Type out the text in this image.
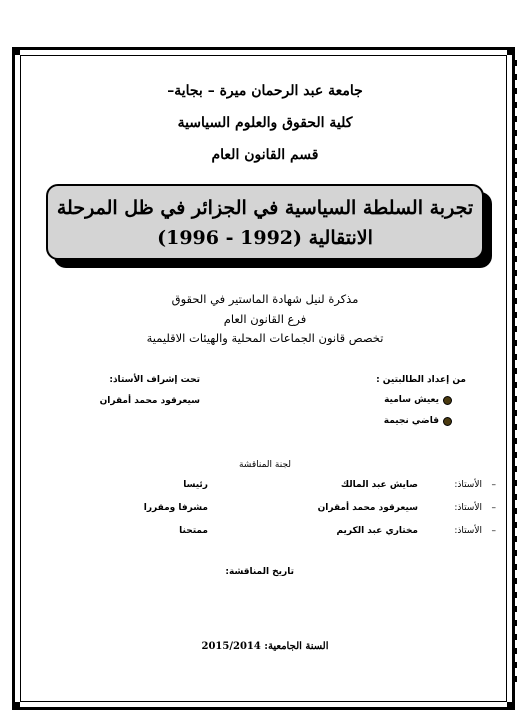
جامعة عبد الرحمان ميرة – بجاية–
كلية الحقوق والعلوم السياسية
قسم القانون العام
تجربة السلطة السياسية في الجزائر في ظل المرحلة
الانتقالية (1992 - 1996)
مذكرة لنيل شهادة الماستير في الحقوق
فرع القانون العام
تخصص قانون الجماعات المحلية والهيئات الاقليمية
من إعداد الطالبتين :
يعيش سامية
قاضي نجيمة
تحت إشراف الأستاذ:
سيعرقود محمد أمقران
لجنة المناقشة
–
الأستاذ:
صايش عبد المالك
رئيسا
–
الأستاذ:
سيعرقود محمد أمقران
مشرفا ومقررا
–
الأستاذ:
مختاري عبد الكريم
ممتحنا
تاريخ المناقشة:
السنة الجامعية: 2015/2014
